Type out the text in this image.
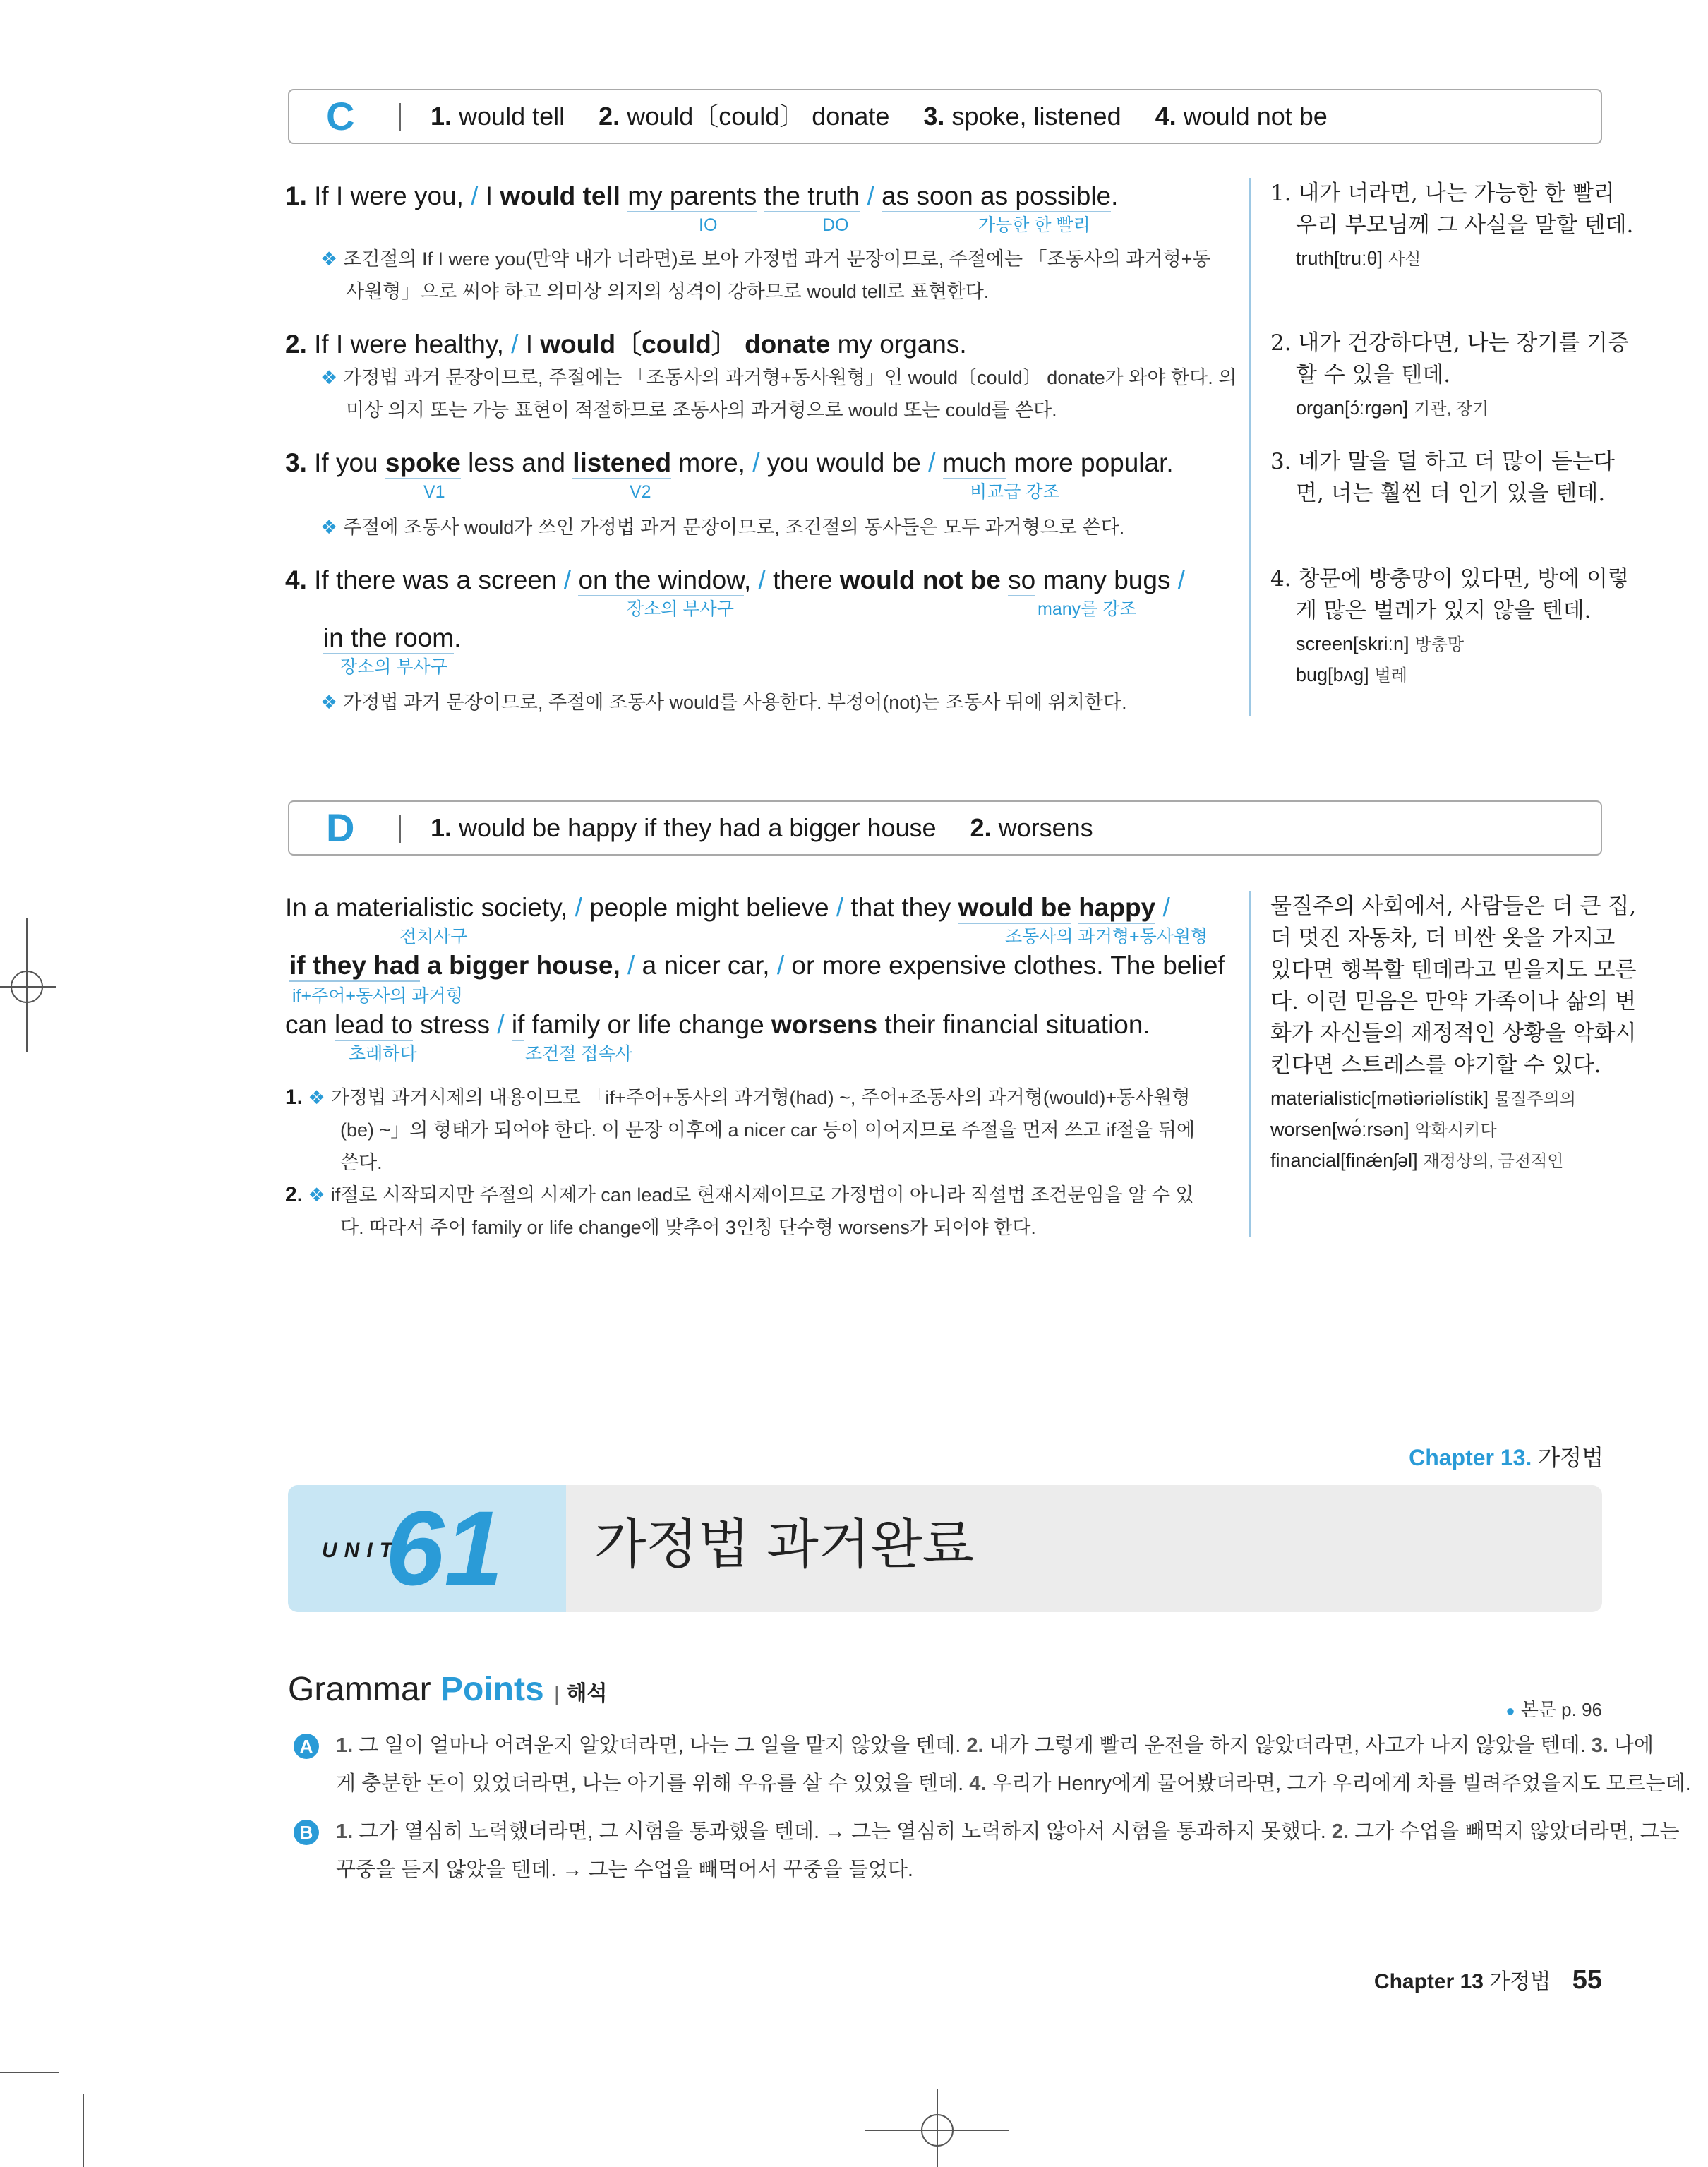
C	1. would tell 2. would〔could〕 donate 3. spoke, listened 4. would not be
1. If I were you, / I would tell my parents the truth / as soon as possible.
IO	DO	가능한 한 빨리
❖ 조건절의 If I were you(만약 내가 너라면)로 보아 가정법 과거 문장이므로, 주절에는 「조동사의 과거형+동
사원형」으로 써야 하고 의미상 의지의 성격이 강하므로 would tell로 표현한다.
2. If I were healthy, / I would〔could〕 donate my organs.
❖ 가정법 과거 문장이므로, 주절에는 「조동사의 과거형+동사원형」인 would〔could〕 donate가 와야 한다. 의
미상 의지 또는 가능 표현이 적절하므로 조동사의 과거형으로 would 또는 could를 쓴다.
3. If you spoke less and listened more, / you would be / much more popular.
V1	V2	비교급 강조
❖ 주절에 조동사 would가 쓰인 가정법 과거 문장이므로, 조건절의 동사들은 모두 과거형으로 쓴다.
4. If there was a screen / on the window, / there would not be so many bugs /
장소의 부사구	many를 강조
in the room.
장소의 부사구
❖ 가정법 과거 문장이므로, 주절에 조동사 would를 사용한다. 부정어(not)는 조동사 뒤에 위치한다.
1. 내가 너라면, 나는 가능한 한 빨리
우리 부모님께 그 사실을 말할 텐데.
truth[truːθ] 사실
2. 내가 건강하다면, 나는 장기를 기증
할 수 있을 텐데.
organ[ɔ́ːrgən] 기관, 장기
3. 네가 말을 덜 하고 더 많이 듣는다
면, 너는 훨씬 더 인기 있을 텐데.
4. 창문에 방충망이 있다면, 방에 이렇
게 많은 벌레가 있지 않을 텐데.
screen[skriːn] 방충망
bug[bʌg] 벌레
D	1. would be happy if they had a bigger house 2. worsens
In a materialistic society, / people might believe / that they would be happy /
전치사구	조동사의 과거형+동사원형
if they had a bigger house, / a nicer car, / or more expensive clothes. The belief
if+주어+동사의 과거형
can lead to stress / if family or life change worsens their financial situation.
초래하다	조건절 접속사
1. ❖ 가정법 과거시제의 내용이므로 「if+주어+동사의 과거형(had) ~, 주어+조동사의 과거형(would)+동사원형
(be) ~」의 형태가 되어야 한다. 이 문장 이후에 a nicer car 등이 이어지므로 주절을 먼저 쓰고 if절을 뒤에
쓴다.
2. ❖ if절로 시작되지만 주절의 시제가 can lead로 현재시제이므로 가정법이 아니라 직설법 조건문임을 알 수 있
다. 따라서 주어 family or life change에 맞추어 3인칭 단수형 worsens가 되어야 한다.
물질주의 사회에서, 사람들은 더 큰 집,
더 멋진 자동차, 더 비싼 옷을 가지고
있다면 행복할 텐데라고 믿을지도 모른
다. 이런 믿음은 만약 가족이나 삶의 변
화가 자신들의 재정적인 상황을 악화시
킨다면 스트레스를 야기할 수 있다.
materialistic[mətìəriəlístik] 물질주의의
worsen[wə́ːrsən] 악화시키다
financial[finǽnʃəl] 재정상의, 금전적인
Chapter 13. 가정법
UNIT
61 가정법 과거완료
Grammar Points | 해석
● 본문 p. 96
A 1. 그 일이 얼마나 어려운지 알았더라면, 나는 그 일을 맡지 않았을 텐데. 2. 내가 그렇게 빨리 운전을 하지 않았더라면, 사고가 나지 않았을 텐데. 3. 나에
게 충분한 돈이 있었더라면, 나는 아기를 위해 우유를 살 수 있었을 텐데. 4. 우리가 Henry에게 물어봤더라면, 그가 우리에게 차를 빌려주었을지도 모르는데.
B 1. 그가 열심히 노력했더라면, 그 시험을 통과했을 텐데. → 그는 열심히 노력하지 않아서 시험을 통과하지 못했다. 2. 그가 수업을 빼먹지 않았더라면, 그는
꾸중을 듣지 않았을 텐데. → 그는 수업을 빼먹어서 꾸중을 들었다.
Chapter 13 가정법 55
